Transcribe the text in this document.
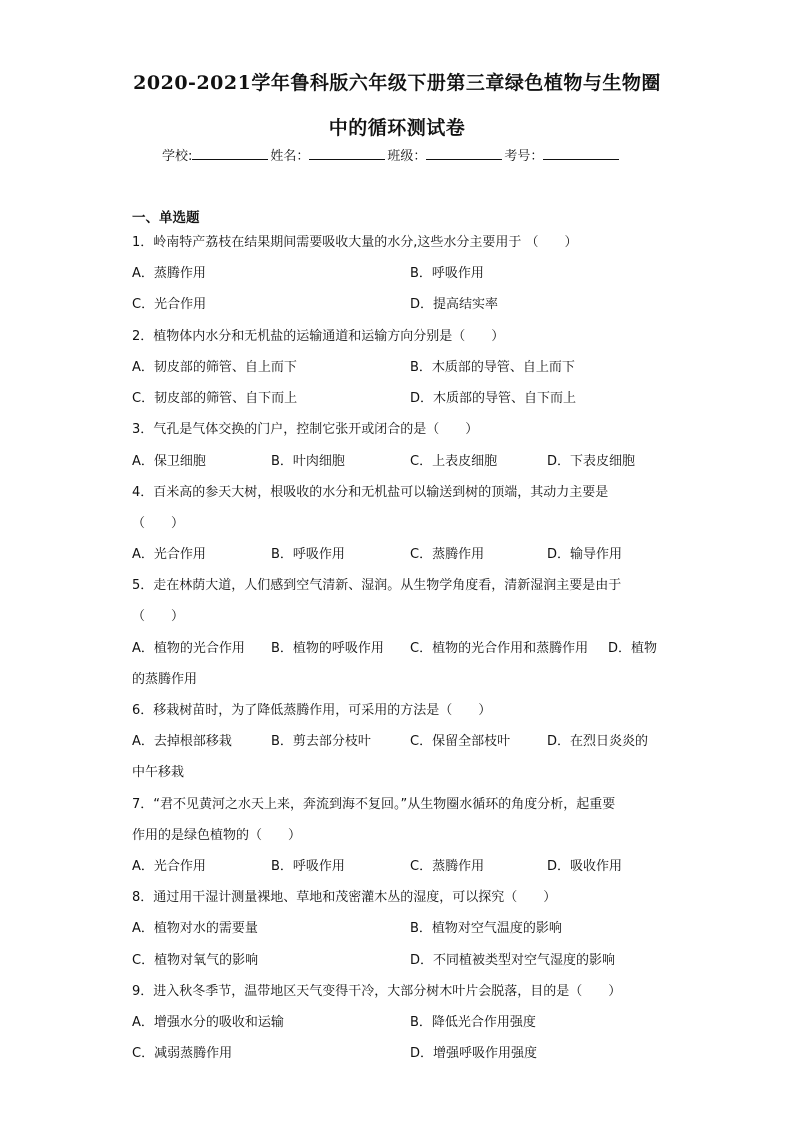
2020-2021学年鲁科版六年级下册第三章绿色植物与生物圈
中的循环测试卷
学校:	姓名：	班级：	考号：
一、单选题
1．岭南特产荔枝在结果期间需要吸收大量的水分,这些水分主要用于 （　　）
A．蒸腾作用	B．呼吸作用
C．光合作用	D．提高结实率
2．植物体内水分和无机盐的运输通道和运输方向分别是（　　）
A．韧皮部的筛管、自上而下	B．木质部的导管、自上而下
C．韧皮部的筛管、自下而上	D．木质部的导管、自下而上
3．气孔是气体交换的门户，控制它张开或闭合的是（　　）
A．保卫细胞	B．叶肉细胞	C．上表皮细胞	D．下表皮细胞
4．百米高的参天大树，根吸收的水分和无机盐可以输送到树的顶端，其动力主要是
（　　）
A．光合作用	B．呼吸作用	C．蒸腾作用	D．输导作用
5．走在林荫大道，人们感到空气清新、湿润。从生物学角度看，清新湿润主要是由于
（　　）
A．植物的光合作用 B．植物的呼吸作用 C．植物的光合作用和蒸腾作用 D．植物
的蒸腾作用
6．移栽树苗时，为了降低蒸腾作用，可采用的方法是（　　）
A．去掉根部移栽	B．剪去部分枝叶	C．保留全部枝叶	D．在烈日炎炎的
中午移栽
7．“君不见黄河之水天上来，奔流到海不复回。”从生物圈水循环的角度分析，起重要
作用的是绿色植物的（　　）
A．光合作用	B．呼吸作用	C．蒸腾作用	D．吸收作用
8．通过用干湿计测量裸地、草地和茂密灌木丛的湿度，可以探究（　　）
A．植物对水的需要量	B．植物对空气温度的影响
C．植物对氧气的影响	D．不同植被类型对空气湿度的影响
9．进入秋冬季节，温带地区天气变得干冷，大部分树木叶片会脱落，目的是（　　）
A．增强水分的吸收和运输	B．降低光合作用强度
C．减弱蒸腾作用	D．增强呼吸作用强度
